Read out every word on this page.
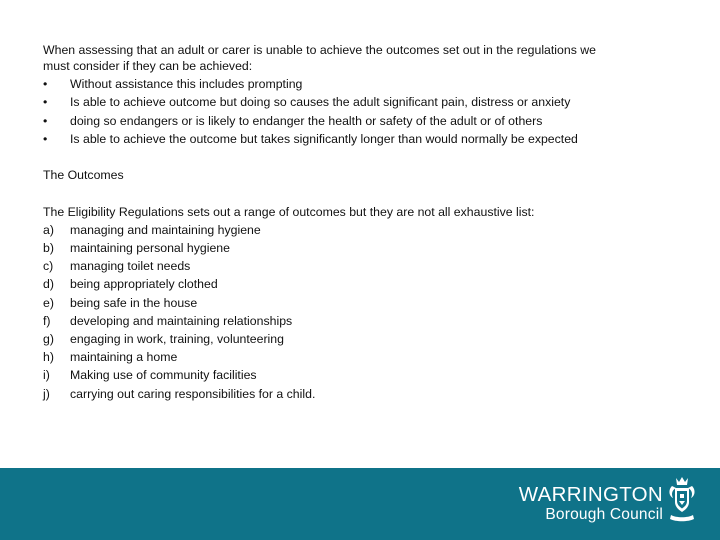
When assessing that an adult or carer is unable to achieve the outcomes set out in the regulations we

must consider if they can be achieved:

•	Without assistance this includes prompting
•	Is able to achieve outcome but doing so causes the adult significant pain, distress or anxiety
•	doing so endangers or is likely to endanger the health or safety of the adult or of others
•	Is able to achieve the outcome but takes significantly longer than would normally be expected

The Outcomes

The Eligibility Regulations sets out a range of outcomes but they are not all exhaustive list:

a)	managing and maintaining hygiene
b)	maintaining personal hygiene
c)	managing toilet needs
d)	being appropriately clothed
e)	being safe in the house
f)	developing and maintaining relationships
g)	engaging in work, training, volunteering
h)	maintaining a home
i)	Making use of community facilities
j)	carrying out caring responsibilities for a child.
WARRINGTON
Borough Council
